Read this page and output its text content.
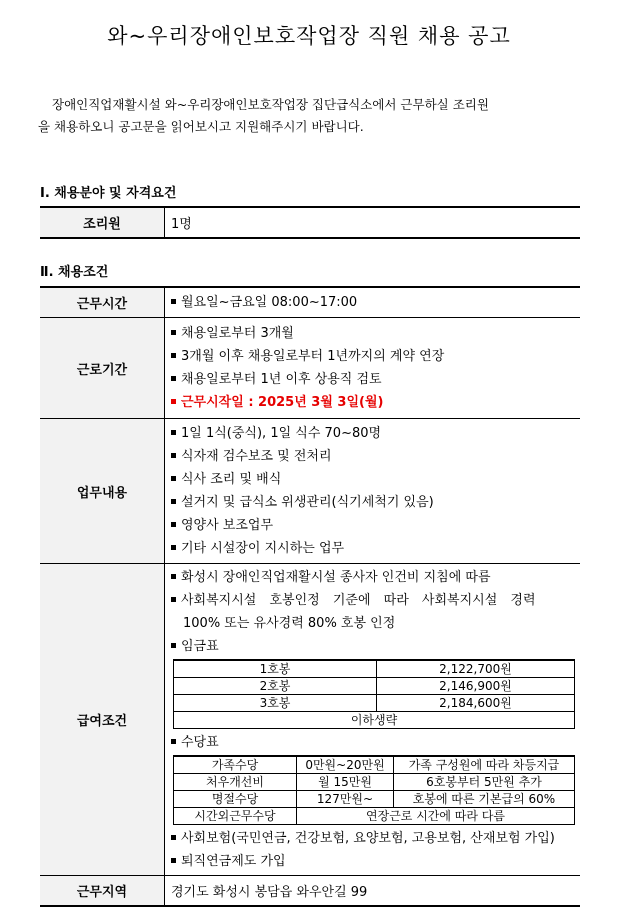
와~우리장애인보호작업장 직원 채용 공고
장애인직업재활시설 와~우리장애인보호작업장 집단급식소에서 근무하실 조리원
을 채용하오니 공고문을 읽어보시고 지원해주시기 바랍니다.
Ⅰ. 채용분야 및 자격요건
조리원	1명
Ⅱ. 채용조건
근무시간	월요일~금요일 08:00~17:00

근로기간	
채용일로부터 3개월
3개월 이후 채용일로부터 1년까지의 계약 연장
채용일로부터 1년 이후 상용직 검토
근무시작일 : 2025년 3월 3일(월)

업무내용	
1일 1식(중식), 1일 식수 70~80명
식자재 검수보조 및 전처리
식사 조리 및 배식
설거지 및 급식소 위생관리(식기세척기 있음)
영양사 보조업무
기타 시설장이 지시하는 업무

급여조건	
화성시 장애인직업재활시설 종사자 인건비 지침에 따름
사회복지시설 호봉인정 기준에 따라 사회복지시설 경력
100% 또는 유사경력 80% 호봉 인정
임금표
1호봉	2,122,700원
2호봉	2,146,900원
3호봉	2,184,600원
이하생략
수당표
가족수당	0만원~20만원	가족 구성원에 따라 차등지급
처우개선비	월 15만원	6호봉부터 5만원 추가
명절수당	127만원~	호봉에 따른 기본급의 60%
시간외근무수당	연장근로 시간에 따라 다름
사회보험(국민연금, 건강보험, 요양보험, 고용보험, 산재보험 가입)
퇴직연금제도 가입

근무지역	경기도 화성시 봉담읍 와우안길 99
